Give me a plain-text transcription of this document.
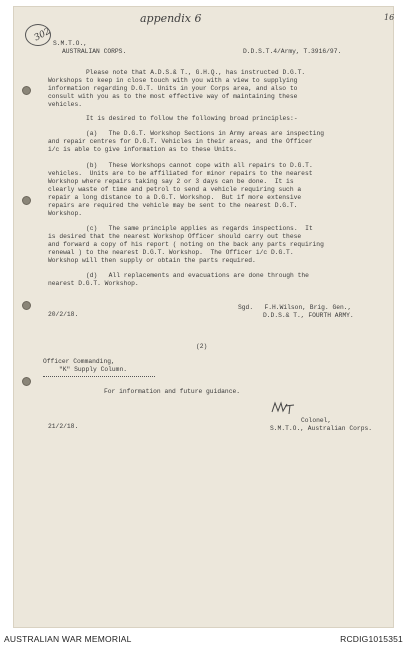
appendix 6	16
302
S.M.T.O.,
AUSTRALIAN CORPS.	D.D.S.T.4/Army, T.3916/97.
Please note that A.D.S.& T., G.H.Q., has instructed D.G.T.
Workshops to keep in close touch with you with a view to supplying
information regarding D.G.T. Units in your Corps area, and also to
consult with you as to the most effective way of maintaining these
vehicles.
It is desired to follow the following broad principles:-
(a)   The D.G.T. Workshop Sections in Army areas are inspecting
and repair centres for D.G.T. Vehicles in their areas, and the Officer
i/c is able to give information as to these Units.
(b)   These Workshops cannot cope with all repairs to D.G.T.
vehicles.  Units are to be affiliated for minor repairs to the nearest
Workshop where repairs taking say 2 or 3 days can be done.  It is
clearly waste of time and petrol to send a vehicle requiring such a
repair a long distance to a D.G.T. Workshop.  But if more extensive
repairs are required the vehicle may be sent to the nearest D.G.T.
Workshop.
(c)   The same principle applies as regards inspections.  It
is desired that the nearest Workshop Officer should carry out these
and forward a copy of his report ( noting on the back any parts requiring
renewal ) to the nearest D.G.T. Workshop.  The Officer i/c D.G.T.
Workshop will then supply or obtain the parts required.
(d)   All replacements and evacuations are done through the
nearest D.G.T. Workshop.
20/2/18.
Sgd.   F.H.Wilson, Brig. Gen.,
D.D.S.& T., FOURTH ARMY.
(2)
Officer Commanding,
"K" Supply Column.
For information and future guidance.
21/2/18.
Colonel,
S.M.T.O., Australian Corps.
AUSTRALIAN WAR MEMORIAL	RCDIG1015351
